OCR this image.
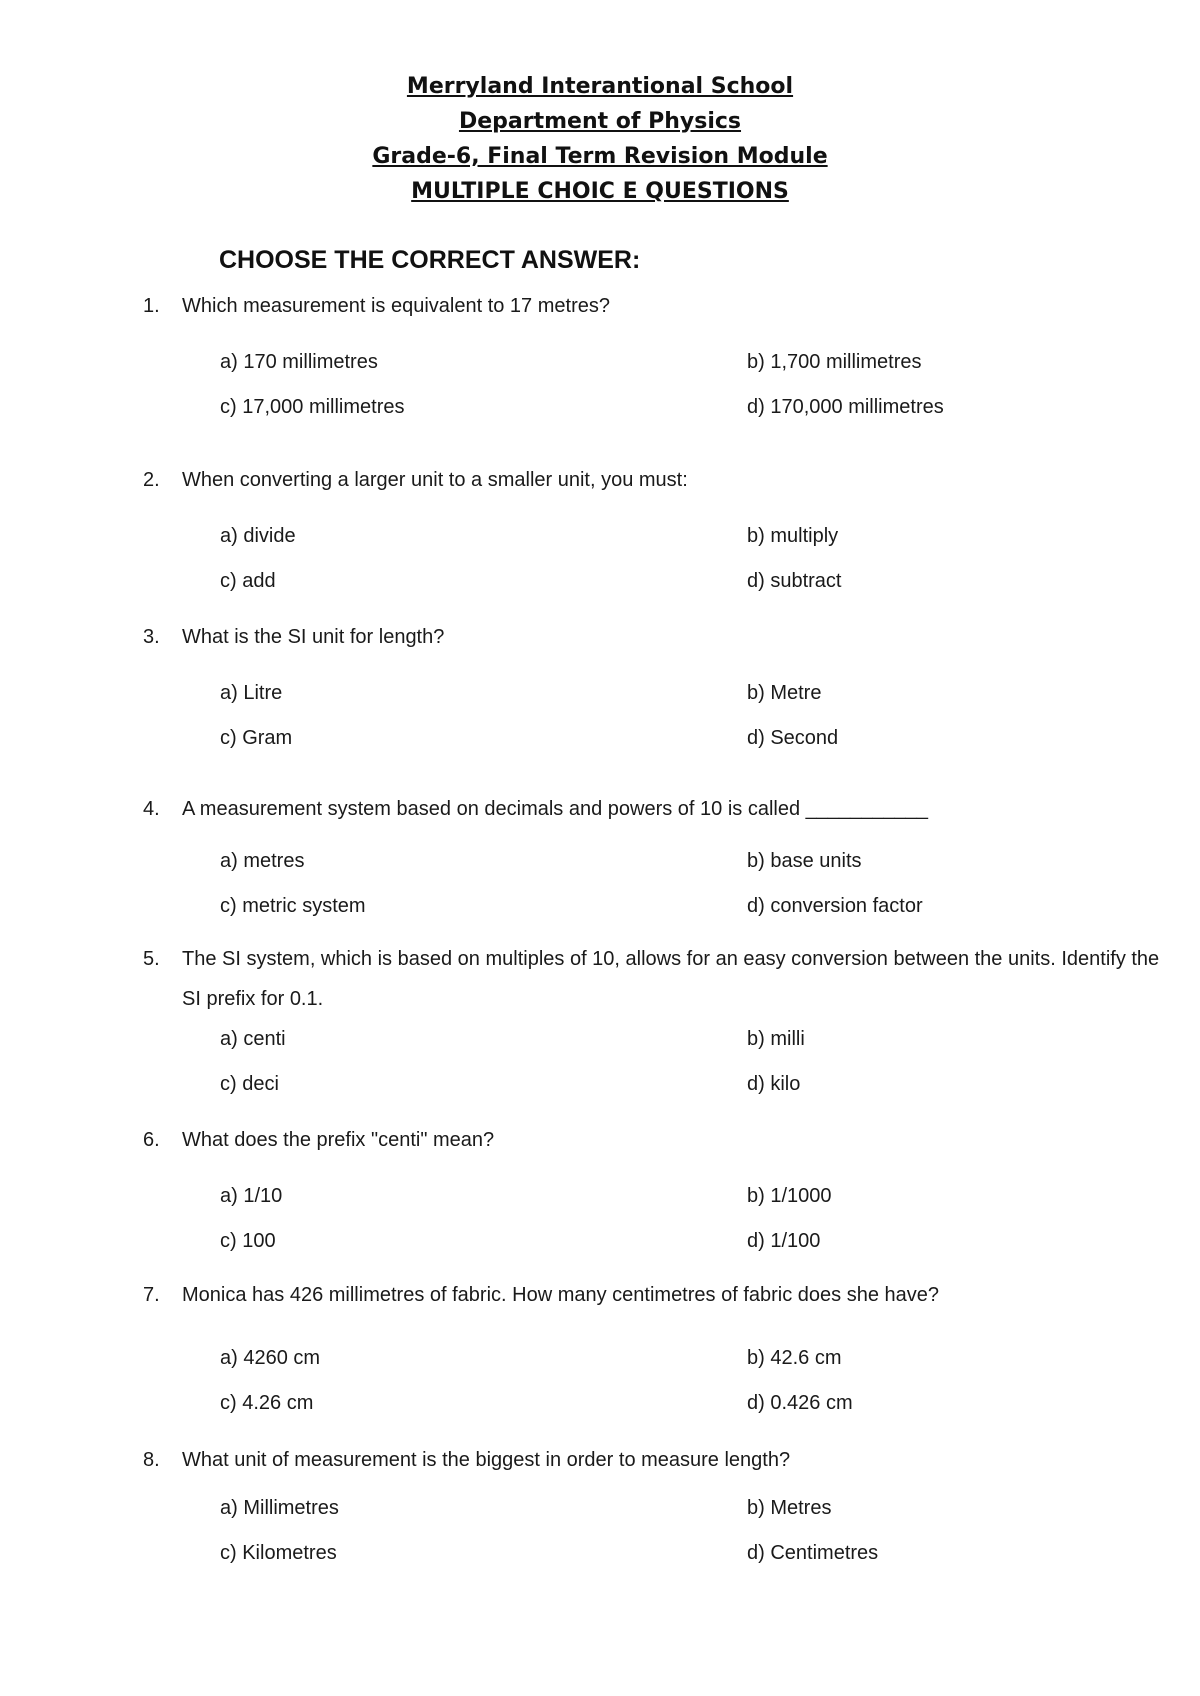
Merryland Interantional School
Department of Physics
Grade-6, Final Term Revision Module
MULTIPLE CHOIC E QUESTIONS
CHOOSE THE CORRECT ANSWER:
1. Which measurement is equivalent to 17 metres?
a) 170 millimetres	b) 1,700 millimetres
c) 17,000 millimetres	d) 170,000 millimetres
2. When converting a larger unit to a smaller unit, you must:
a) divide	b) multiply
c) add	d) subtract
3. What is the SI unit for length?
a) Litre	b) Metre
c) Gram	d) Second
4. A measurement system based on decimals and powers of 10 is called ___________
a) metres	b) base units
c) metric system	d) conversion factor
5. The SI system, which is based on multiples of 10, allows for an easy conversion between the units. Identify the SI prefix for 0.1.
a) centi	b) milli
c) deci	d) kilo
6. What does the prefix "centi" mean?
a) 1/10	b) 1/1000
c) 100	d) 1/100
7. Monica has 426 millimetres of fabric. How many centimetres of fabric does she have?
a) 4260 cm	b) 42.6 cm
c) 4.26 cm	d) 0.426 cm
8. What unit of measurement is the biggest in order to measure length?
a) Millimetres	b) Metres
c) Kilometres	d) Centimetres
